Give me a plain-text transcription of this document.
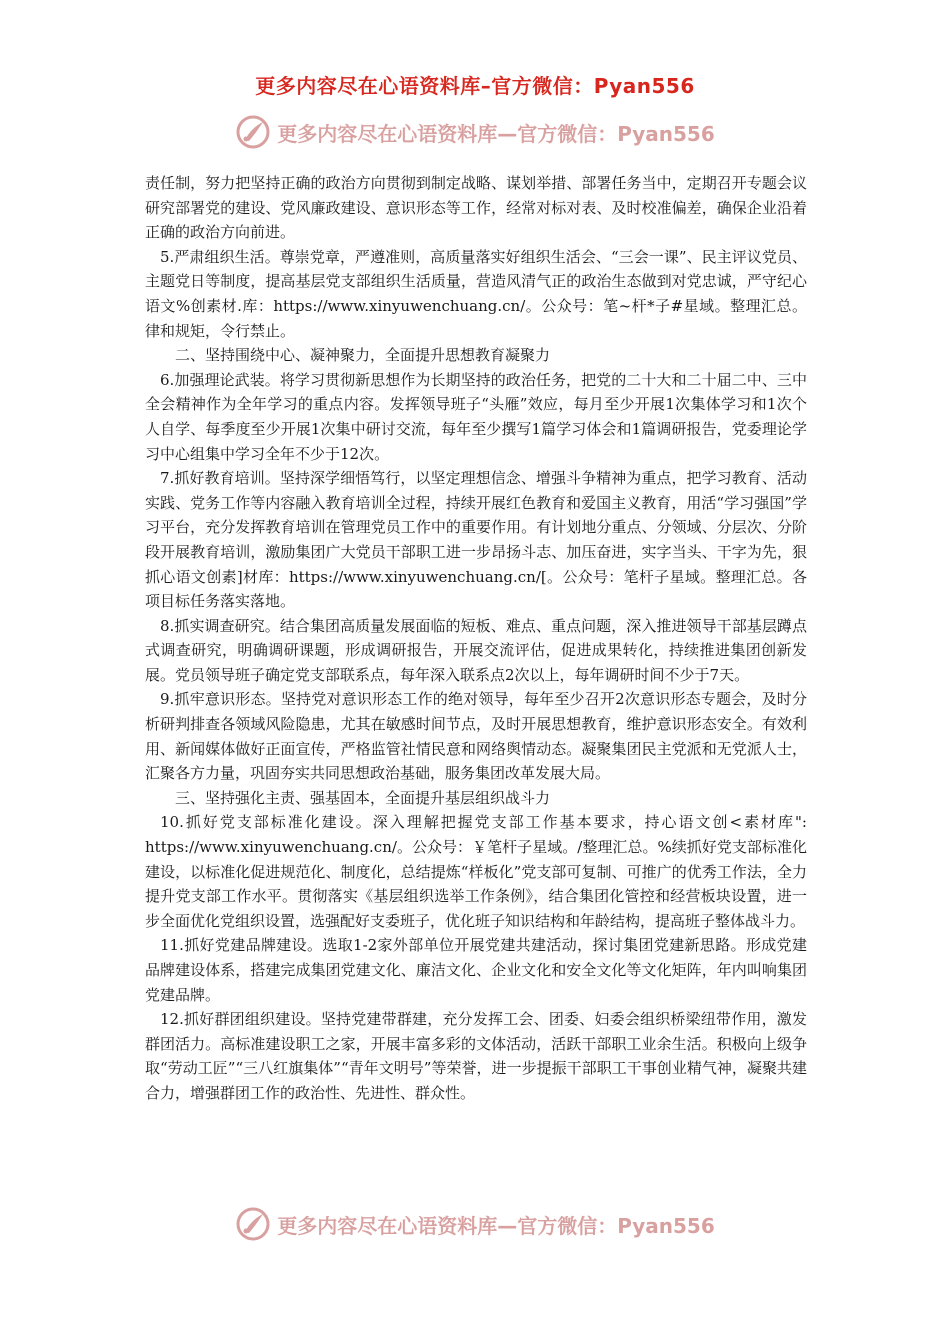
更多内容尽在心语资料库–官方微信：Pyan556
更多内容尽在心语资料库—官方微信：Pyan556

责任制，努力把坚持正确的政治方向贯彻到制定战略、谋划举措、部署任务当中，定期召开专题会议研究部署党的建设、党风廉政建设、意识形态等工作，经常对标对表、及时校准偏差，确保企业沿着正确的政治方向前进。

5.严肃组织生活。尊崇党章，严遵准则，高质量落实好组织生活会、“三会一课”、民主评议党员、主题党日等制度，提高基层党支部组织生活质量，营造风清气正的政治生态做到对党忠诚，严守纪心语文%创素材.库：https://www.xinyuwenchuang.cn/。公众号：笔~杆*子#星域。整理汇总。律和规矩，令行禁止。

二、坚持围绕中心、凝神聚力，全面提升思想教育凝聚力

6.加强理论武装。将学习贯彻新思想作为长期坚持的政治任务，把党的二十大和二十届二中、三中全会精神作为全年学习的重点内容。发挥领导班子“头雁”效应，每月至少开展1次集体学习和1次个人自学、每季度至少开展1次集中研讨交流，每年至少撰写1篇学习体会和1篇调研报告，党委理论学习中心组集中学习全年不少于12次。

7.抓好教育培训。坚持深学细悟笃行，以坚定理想信念、增强斗争精神为重点，把学习教育、活动实践、党务工作等内容融入教育培训全过程，持续开展红色教育和爱国主义教育，用活“学习强国”学习平台，充分发挥教育培训在管理党员工作中的重要作用。有计划地分重点、分领域、分层次、分阶段开展教育培训，激励集团广大党员干部职工进一步昂扬斗志、加压奋进，实字当头、干字为先，狠抓心语文创素]材库：https://www.xinyuwenchuang.cn/[。公众号：笔杆子星域。整理汇总。各项目标任务落实落地。

8.抓实调查研究。结合集团高质量发展面临的短板、难点、重点问题，深入推进领导干部基层蹲点式调查研究，明确调研课题，形成调研报告，开展交流评估，促进成果转化，持续推进集团创新发展。党员领导班子确定党支部联系点，每年深入联系点2次以上，每年调研时间不少于7天。

9.抓牢意识形态。坚持党对意识形态工作的绝对领导，每年至少召开2次意识形态专题会，及时分析研判排查各领域风险隐患，尤其在敏感时间节点，及时开展思想教育，维护意识形态安全。有效利用、新闻媒体做好正面宣传，严格监管社情民意和网络舆情动态。凝聚集团民主党派和无党派人士，汇聚各方力量，巩固夯实共同思想政治基础，服务集团改革发展大局。

三、坚持强化主责、强基固本，全面提升基层组织战斗力

10.抓好党支部标准化建设。深入理解把握党支部工作基本要求，持心语文创<素材库": https://www.xinyuwenchuang.cn/。公众号：￥笔杆子星域。/整理汇总。%续抓好党支部标准化建设，以标准化促进规范化、制度化，总结提炼“样板化”党支部可复制、可推广的优秀工作法，全力提升党支部工作水平。贯彻落实《基层组织选举工作条例》，结合集团化管控和经营板块设置，进一步全面优化党组织设置，选强配好支委班子，优化班子知识结构和年龄结构，提高班子整体战斗力。

11.抓好党建品牌建设。选取1-2家外部单位开展党建共建活动，探讨集团党建新思路。形成党建品牌建设体系，搭建完成集团党建文化、廉洁文化、企业文化和安全文化等文化矩阵，年内叫响集团党建品牌。

12.抓好群团组织建设。坚持党建带群建，充分发挥工会、团委、妇委会组织桥梁纽带作用，激发群团活力。高标准建设职工之家，开展丰富多彩的文体活动，活跃干部职工业余生活。积极向上级争取“劳动工匠”“三八红旗集体”“青年文明号”等荣誉，进一步提振干部职工干事创业精气神，凝聚共建合力，增强群团工作的政治性、先进性、群众性。

更多内容尽在心语资料库—官方微信：Pyan556
